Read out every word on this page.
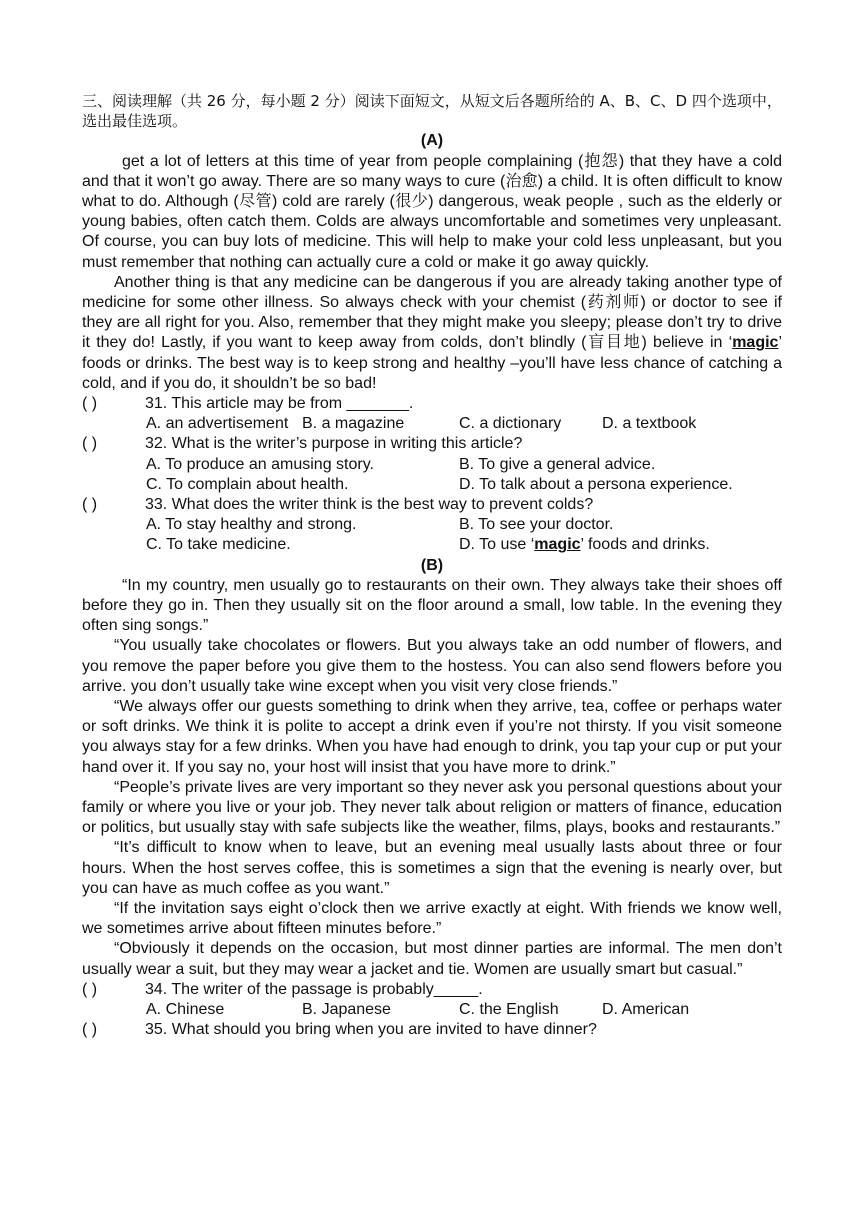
三、阅读理解（共 26 分，每小题 2 分）阅读下面短文，从短文后各题所给的 A、B、C、D 四个选项中，选出最佳选项。
(A)

get a lot of letters at this time of year from people complaining (抱怨) that they have a cold and that it won’t go away. There are so many ways to cure (治愈) a child. It is often difficult to know what to do. Although (尽管) cold are rarely (很少) dangerous, weak people , such as the elderly or young babies, often catch them. Colds are always uncomfortable and sometimes very unpleasant. Of course, you can buy lots of medicine. This will help to make your cold less unpleasant, but you must remember that nothing can actually cure a cold or make it go away quickly.

Another thing is that any medicine can be dangerous if you are already taking another type of medicine for some other illness. So always check with your chemist (药剂师) or doctor to see if they are all right for you. Also, remember that they might make you sleepy; please don’t try to drive it they do! Lastly, if you want to keep away from colds, don’t blindly (盲目地) believe in ‘magic’ foods or drinks. The best way is to keep strong and healthy –you’ll have less chance of catching a cold, and if you do, it shouldn’t be so bad!

( )	31. This article may be from _______.
A. an advertisement B. a magazine	C. a dictionary	D. a textbook
( )	32. What is the writer’s purpose in writing this article?
A. To produce an amusing story.	B. To give a general advice.
C. To complain about health.	D. To talk about a persona experience.
( )	33. What does the writer think is the best way to prevent colds?
A. To stay healthy and strong.	B. To see your doctor.
C. To take medicine.	D. To use ‘magic’ foods and drinks.
(B)

“In my country, men usually go to restaurants on their own. They always take their shoes off before they go in. Then they usually sit on the floor around a small, low table. In the evening they often sing songs.”

“You usually take chocolates or flowers. But you always take an odd number of flowers, and you remove the paper before you give them to the hostess. You can also send flowers before you arrive. you don’t usually take wine except when you visit very close friends.”

“We always offer our guests something to drink when they arrive, tea, coffee or perhaps water or soft drinks. We think it is polite to accept a drink even if you’re not thirsty. If you visit someone you always stay for a few drinks. When you have had enough to drink, you tap your cup or put your hand over it. If you say no, your host will insist that you have more to drink.”

“People’s private lives are very important so they never ask you personal questions about your family or where you live or your job. They never talk about religion or matters of finance, education or politics, but usually stay with safe subjects like the weather, films, plays, books and restaurants.”

“It’s difficult to know when to leave, but an evening meal usually lasts about three or four hours. When the host serves coffee, this is sometimes a sign that the evening is nearly over, but you can have as much coffee as you want.”

“If the invitation says eight o’clock then we arrive exactly at eight. With friends we know well, we sometimes arrive about fifteen minutes before.”

“Obviously it depends on the occasion, but most dinner parties are informal. The men don’t usually wear a suit, but they may wear a jacket and tie. Women are usually smart but casual.”

( )	34. The writer of the passage is probably_____.
A. Chinese	B. Japanese	C. the English	D. American
( )	35. What should you bring when you are invited to have dinner?
